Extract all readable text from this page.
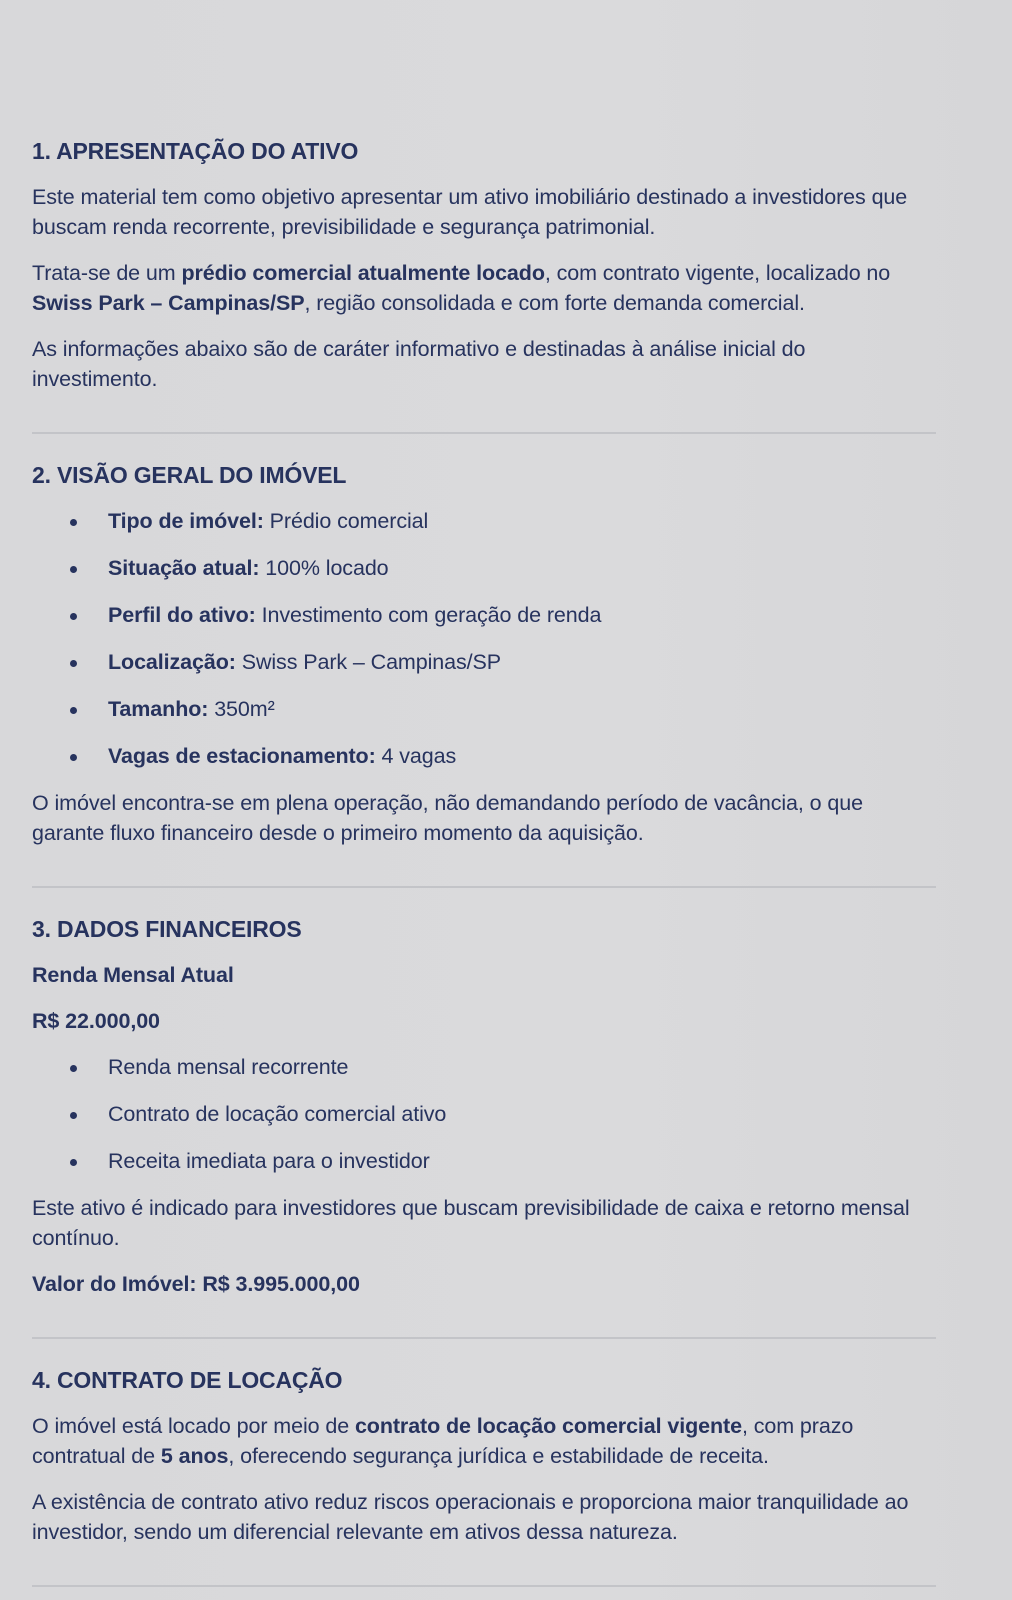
1. APRESENTAÇÃO DO ATIVO

Este material tem como objetivo apresentar um ativo imobiliário destinado a investidores que buscam renda recorrente, previsibilidade e segurança patrimonial.

Trata-se de um prédio comercial atualmente locado, com contrato vigente, localizado no Swiss Park – Campinas/SP, região consolidada e com forte demanda comercial.

As informações abaixo são de caráter informativo e destinadas à análise inicial do investimento.

2. VISÃO GERAL DO IMÓVEL
Tipo de imóvel: Prédio comercial
Situação atual: 100% locado
Perfil do ativo: Investimento com geração de renda
Localização: Swiss Park – Campinas/SP
Tamanho: 350m²
Vagas de estacionamento: 4 vagas

O imóvel encontra-se em plena operação, não demandando período de vacância, o que garante fluxo financeiro desde o primeiro momento da aquisição.

3. DADOS FINANCEIROS

Renda Mensal Atual

R$ 22.000,00

Renda mensal recorrente
Contrato de locação comercial ativo
Receita imediata para o investidor

Este ativo é indicado para investidores que buscam previsibilidade de caixa e retorno mensal contínuo.

Valor do Imóvel: R$ 3.995.000,00

4. CONTRATO DE LOCAÇÃO

O imóvel está locado por meio de contrato de locação comercial vigente, com prazo contratual de 5 anos, oferecendo segurança jurídica e estabilidade de receita.

A existência de contrato ativo reduz riscos operacionais e proporciona maior tranquilidade ao investidor, sendo um diferencial relevante em ativos dessa natureza.
